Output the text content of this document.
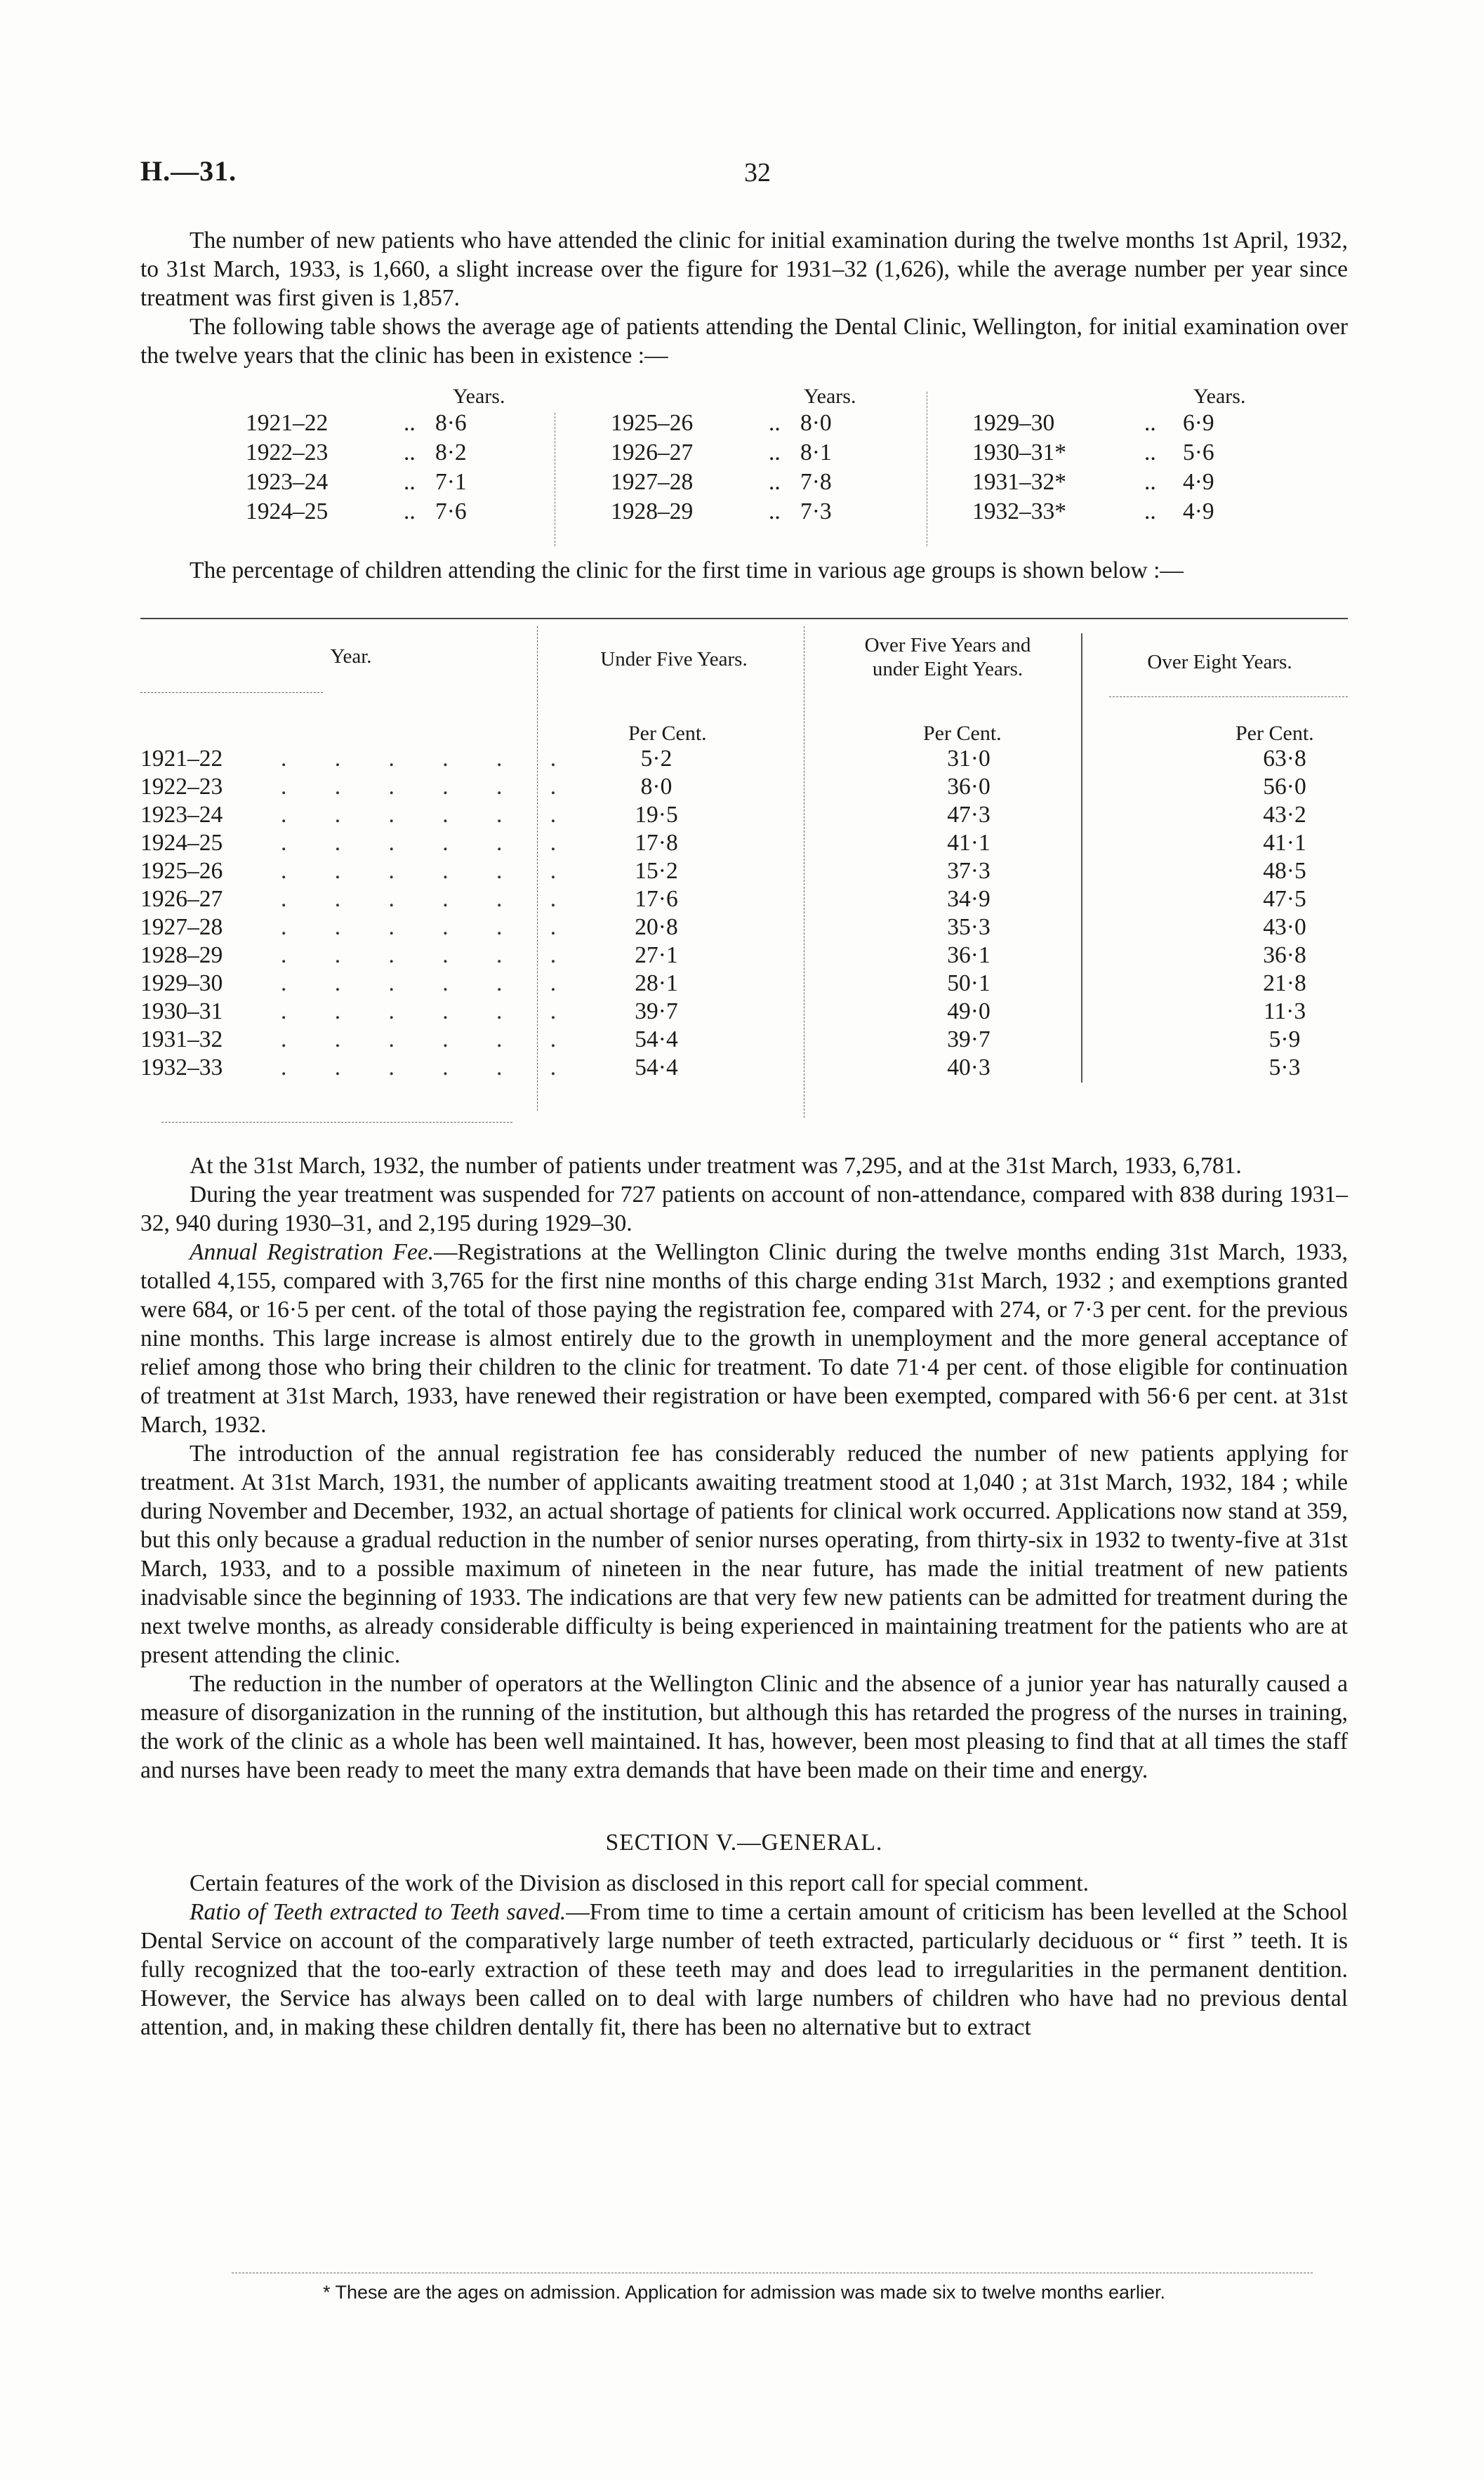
H.—31.	32

The number of new patients who have attended the clinic for initial examination during the twelve months 1st April, 1932, to 31st March, 1933, is 1,660, a slight increase over the figure for 1931–32 (1,626), while the average number per year since treatment was first given is 1,857.

The following table shows the average age of patients attending the Dental Clinic, Wellington, for initial examination over the twelve years that the clinic has been in existence :—

Years.
1921–22	.. 8·6
1922–23	.. 8·2
1923–24	.. 7·1
1924–25	.. 7·6
Years.
1925–26	.. 8·0
1926–27	.. 8·1
1927–28	.. 7·8
1928–29	.. 7·3
Years.
1929–30	.. 6·9
1930–31*	.. 5·6
1931–32*	.. 4·9
1932–33*	.. 4·9

The percentage of children attending the clinic for the first time in various age groups is shown below :—

Year.	Under Five Years.
Over Five Years and
under Eight Years.	Over Eight Years.
Per Cent.	Per Cent.	Per Cent.
1921–22 . . . . . .	5·2	31·0	63·8
1922–23 . . . . . .	8·0	36·0	56·0
1923–24 . . . . . .	19·5	47·3	43·2
1924–25 . . . . . .	17·8	41·1	41·1
1925–26 . . . . . .	15·2	37·3	48·5
1926–27 . . . . . .	17·6	34·9	47·5
1927–28 . . . . . .	20·8	35·3	43·0
1928–29 . . . . . .	27·1	36·1	36·8
1929–30 . . . . . .	28·1	50·1	21·8
1930–31 . . . . . .	39·7	49·0	11·3
1931–32 . . . . . .	54·4	39·7	5·9
1932–33 . . . . . .	54·4	40·3	5·3

At the 31st March, 1932, the number of patients under treatment was 7,295, and at the 31st March, 1933, 6,781.

During the year treatment was suspended for 727 patients on account of non-attendance, compared with 838 during 1931–32, 940 during 1930–31, and 2,195 during 1929–30.

Annual Registration Fee.—Registrations at the Wellington Clinic during the twelve months ending 31st March, 1933, totalled 4,155, compared with 3,765 for the first nine months of this charge ending 31st March, 1932 ; and exemptions granted were 684, or 16·5 per cent. of the total of those paying the registration fee, compared with 274, or 7·3 per cent. for the previous nine months. This large increase is almost entirely due to the growth in unemployment and the more general acceptance of relief among those who bring their children to the clinic for treatment. To date 71·4 per cent. of those eligible for continuation of treatment at 31st March, 1933, have renewed their registration or have been exempted, compared with 56·6 per cent. at 31st March, 1932.

The introduction of the annual registration fee has considerably reduced the number of new patients applying for treatment. At 31st March, 1931, the number of applicants awaiting treatment stood at 1,040 ; at 31st March, 1932, 184 ; while during November and December, 1932, an actual shortage of patients for clinical work occurred. Applications now stand at 359, but this only because a gradual reduction in the number of senior nurses operating, from thirty-six in 1932 to twenty-five at 31st March, 1933, and to a possible maximum of nineteen in the near future, has made the initial treatment of new patients inadvisable since the beginning of 1933. The indications are that very few new patients can be admitted for treatment during the next twelve months, as already considerable difficulty is being experienced in maintaining treatment for the patients who are at present attending the clinic.

The reduction in the number of operators at the Wellington Clinic and the absence of a junior year has naturally caused a measure of disorganization in the running of the institution, but although this has retarded the progress of the nurses in training, the work of the clinic as a whole has been well maintained. It has, however, been most pleasing to find that at all times the staff and nurses have been ready to meet the many extra demands that have been made on their time and energy.

SECTION V.—GENERAL.

Certain features of the work of the Division as disclosed in this report call for special comment.

Ratio of Teeth extracted to Teeth saved.—From time to time a certain amount of criticism has been levelled at the School Dental Service on account of the comparatively large number of teeth extracted, particularly deciduous or “ first ” teeth. It is fully recognized that the too-early extraction of these teeth may and does lead to irregularities in the permanent dentition. However, the Service has always been called on to deal with large numbers of children who have had no previous dental attention, and, in making these children dentally fit, there has been no alternative but to extract

* These are the ages on admission. Application for admission was made six to twelve months earlier.
